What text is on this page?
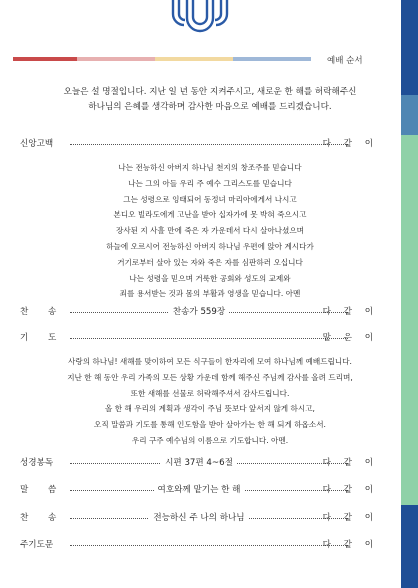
예배 순서
오늘은 설 명절입니다. 지난 일 년 동안 지켜주시고, 새로운 한 해를 허락해주신
하나님의 은혜를 생각하며 감사한 마음으로 예배를 드리겠습니다.
신앙고백	다 같 이
나는 전능하신 아버지 하나님 천지의 창조주를 믿습니다
나는 그의 아들 우리 주 예수 그리스도를 믿습니다
그는 성령으로 잉태되어 동정녀 마리아에게서 나시고
본디오 빌라도에게 고난을 받아 십자가에 못 박혀 죽으시고
장사된 지 사흘 만에 죽은 자 가운데서 다시 살아나셨으며
하늘에 오르시어 전능하신 아버지 하나님 우편에 앉아 계시다가
거기로부터 살아 있는 자와 죽은 자를 심판하러 오십니다
나는 성령을 믿으며 거룩한 공회와 성도의 교제와
죄를 용서받는 것과 몸의 부활과 영생을 믿습니다. 아멘
찬 송	찬송가 559장	다 같 이
기 도	맡 은 이
사랑의 하나님! 새해를 맞이하여 모든 식구들이 한자리에 모여 하나님께 예배드립니다.
지난 한 해 동안 우리 가족의 모든 상황 가운데 함께 해주신 주님께 감사를 올려 드리며,
또한 새해를 선물로 허락해주셔서 감사드립니다.
올 한 해 우리의 계획과 생각이 주님 뜻보다 앞서지 않게 하시고,
오직 말씀과 기도를 통해 인도함을 받아 살아가는 한 해 되게 하옵소서.
우리 구주 예수님의 이름으로 기도합니다. 아멘.
성경봉독	시편 37편 4~6절	다 같 이
말 씀	여호와께 맡기는 한 해	다 같 이
찬 송	전능하신 주 나의 하나님	다 같 이
주기도문	다 같 이
